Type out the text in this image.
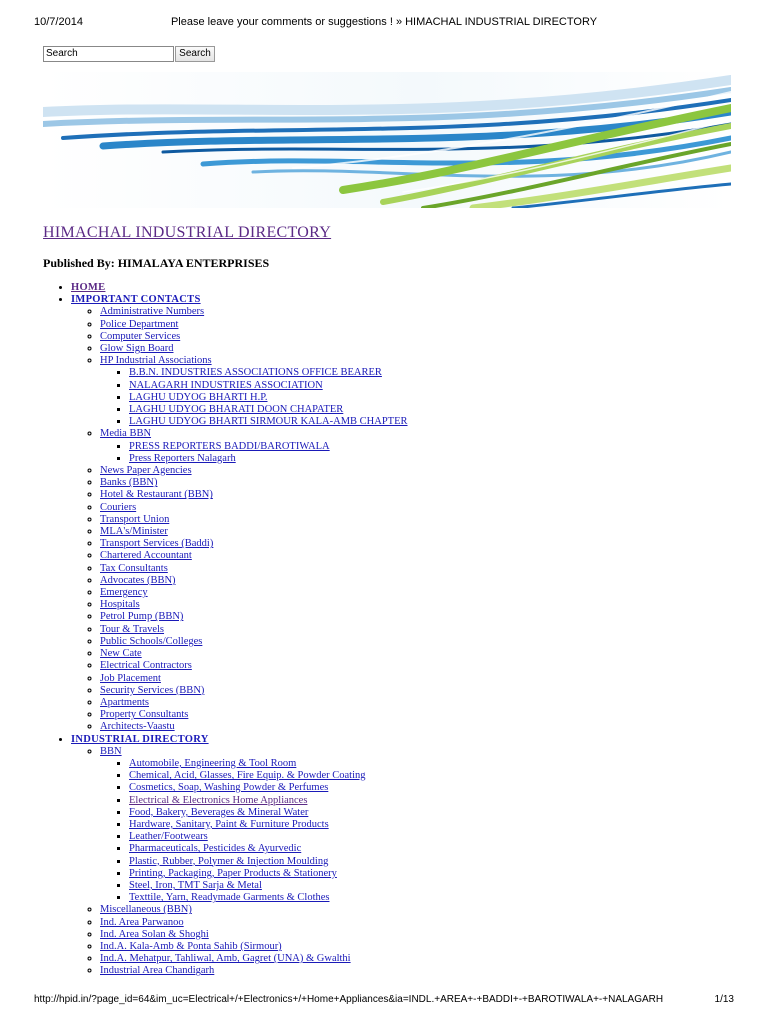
10/7/2014	Please leave your comments or suggestions ! » HIMACHAL INDUSTRIAL DIRECTORY
Search
Search
HIMACHAL INDUSTRIAL DIRECTORY

Published By: HIMALAYA ENTERPRISES

• HOME
• IMPORTANT CONTACTS
◦ Administrative Numbers
◦ Police Department
◦ Computer Services
◦ Glow Sign Board
◦ HP Industrial Associations
▪ B.B.N. INDUSTRIES ASSOCIATIONS OFFICE BEARER
▪ NALAGARH INDUSTRIES ASSOCIATION
▪ LAGHU UDYOG BHARTI H.P.
▪ LAGHU UDYOG BHARATI DOON CHAPATER
▪ LAGHU UDYOG BHARTI SIRMOUR KALA-AMB CHAPTER
◦ Media BBN
▪ PRESS REPORTERS BADDI/BAROTIWALA
▪ Press Reporters Nalagarh
◦ News Paper Agencies
◦ Banks (BBN)
◦ Hotel & Restaurant (BBN)
◦ Couriers
◦ Transport Union
◦ MLA's/Minister
◦ Transport Services (Baddi)
◦ Chartered Accountant
◦ Tax Consultants
◦ Advocates (BBN)
◦ Emergency
◦ Hospitals
◦ Petrol Pump (BBN)
◦ Tour & Travels
◦ Public Schools/Colleges
◦ New Cate
◦ Electrical Contractors
◦ Job Placement
◦ Security Services (BBN)
◦ Apartments
◦ Property Consultants
◦ Architects-Vaastu
• INDUSTRIAL DIRECTORY
◦ BBN
▪ Automobile, Engineering & Tool Room
▪ Chemical, Acid, Glasses, Fire Equip. & Powder Coating
▪ Cosmetics, Soap, Washing Powder & Perfumes
▪ Electrical & Electronics Home Appliances
▪ Food, Bakery, Beverages & Mineral Water
▪ Hardware, Sanitary, Paint & Furniture Products
▪ Leather/Footwears
▪ Pharmaceuticals, Pesticides & Ayurvedic
▪ Plastic, Rubber, Polymer & Injection Moulding
▪ Printing, Packaging, Paper Products & Stationery
▪ Steel, Iron, TMT Sarja & Metal
▪ Texttile, Yarn, Readymade Garments & Clothes
◦ Miscellaneous (BBN)
◦ Ind. Area Parwanoo
◦ Ind. Area Solan & Shoghi
◦ Ind.A. Kala-Amb & Ponta Sahib (Sirmour)
◦ Ind.A. Mehatpur, Tahliwal, Amb, Gagret (UNA) & Gwalthi
◦ Industrial Area Chandigarh
http://hpid.in/?page_id=64&im_uc=Electrical+/+Electronics+/+Home+Appliances&ia=INDL.+AREA+-+BADDI+-+BAROTIWALA+-+NALAGARH	1/13
